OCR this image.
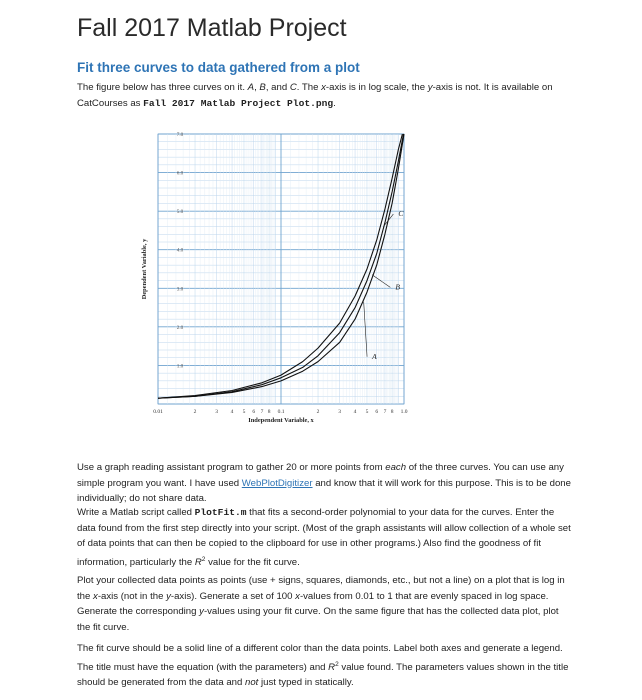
Fall 2017 Matlab Project
Fit three curves to data gathered from a plot
The figure below has three curves on it. A, B, and C. The x-axis is in log scale, the y-axis is not. It is available on CatCourses as Fall 2017 Matlab Project Plot.png.
1.0
2.0
3.0
4.0
5.0
6.0
7.0
0.01	2	3 4 5 6 7 8 0.1	2	3 4 5 6 7 8 1.0
Independent Variable, x
Dependent Variable, y
A
B
C
Use a graph reading assistant program to gather 20 or more points from each of the three curves. You can use any simple program you want. I have used WebPlotDigitizer and know that it will work for this purpose. This is to be done individually; do not share data.
Write a Matlab script called PlotFit.m that fits a second-order polynomial to your data for the curves. Enter the data found from the first step directly into your script. (Most of the graph assistants will allow collection of a whole set of data points that can then be copied to the clipboard for use in other programs.) Also find the goodness of fit information, particularly the $R^2$ value for the fit curve.
Plot your collected data points as points (use + signs, squares, diamonds, etc., but not a line) on a plot that is log in the x-axis (not in the y-axis). Generate a set of 100 x-values from 0.01 to 1 that are evenly spaced in log space. Generate the corresponding y-values using your fit curve. On the same figure that has the collected data plot, plot the fit curve.
The fit curve should be a solid line of a different color than the data points. Label both axes and generate a legend. The title must have the equation (with the parameters) and $R^2$ value found. The parameters values shown in the title should be generated from the data and not just typed in statically.
